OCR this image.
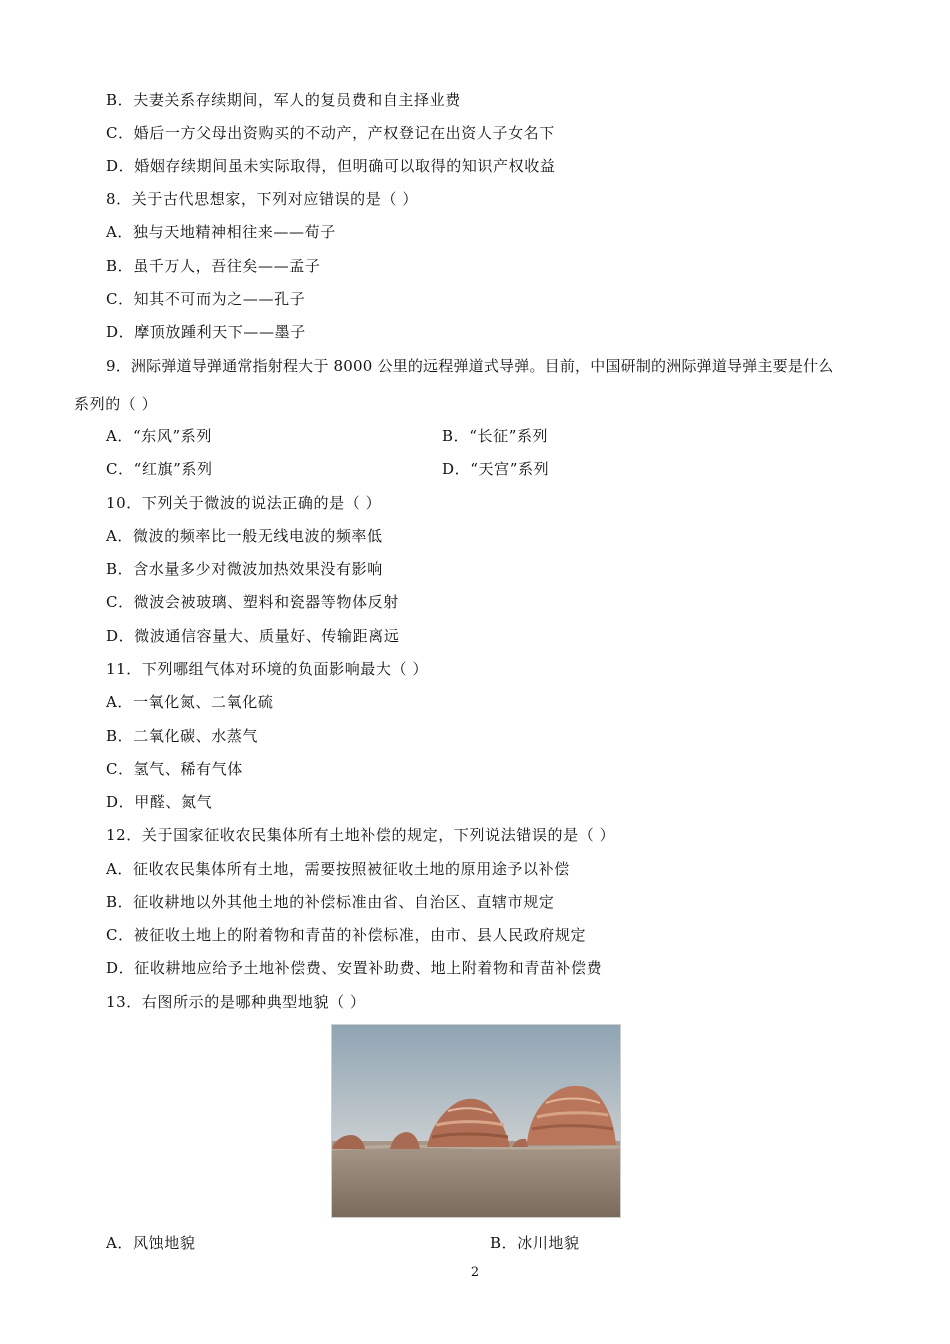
B．夫妻关系存续期间，军人的复员费和自主择业费
C．婚后一方父母出资购买的不动产，产权登记在出资人子女名下
D．婚姻存续期间虽未实际取得，但明确可以取得的知识产权收益
8．关于古代思想家，下列对应错误的是（ ）
A．独与天地精神相往来——荀子
B．虽千万人，吾往矣——孟子
C．知其不可而为之——孔子
D．摩顶放踵利天下——墨子
9．洲际弹道导弹通常指射程大于 8000 公里的远程弹道式导弹。目前，中国研制的洲际弹道导弹主要是什么
系列的（ ）
A．“东风”系列	B．“长征”系列
C．“红旗”系列	D．“天宫”系列
10．下列关于微波的说法正确的是（ ）
A．微波的频率比一般无线电波的频率低
B．含水量多少对微波加热效果没有影响
C．微波会被玻璃、塑料和瓷器等物体反射
D．微波通信容量大、质量好、传输距离远
11．下列哪组气体对环境的负面影响最大（ ）
A．一氧化氮、二氧化硫
B．二氧化碳、水蒸气
C．氢气、稀有气体
D．甲醛、氮气
12．关于国家征收农民集体所有土地补偿的规定，下列说法错误的是（ ）
A．征收农民集体所有土地，需要按照被征收土地的原用途予以补偿
B．征收耕地以外其他土地的补偿标准由省、自治区、直辖市规定
C．被征收土地上的附着物和青苗的补偿标准，由市、县人民政府规定
D．征收耕地应给予土地补偿费、安置补助费、地上附着物和青苗补偿费
13．右图所示的是哪种典型地貌（ ）
A．风蚀地貌	B．冰川地貌
2
